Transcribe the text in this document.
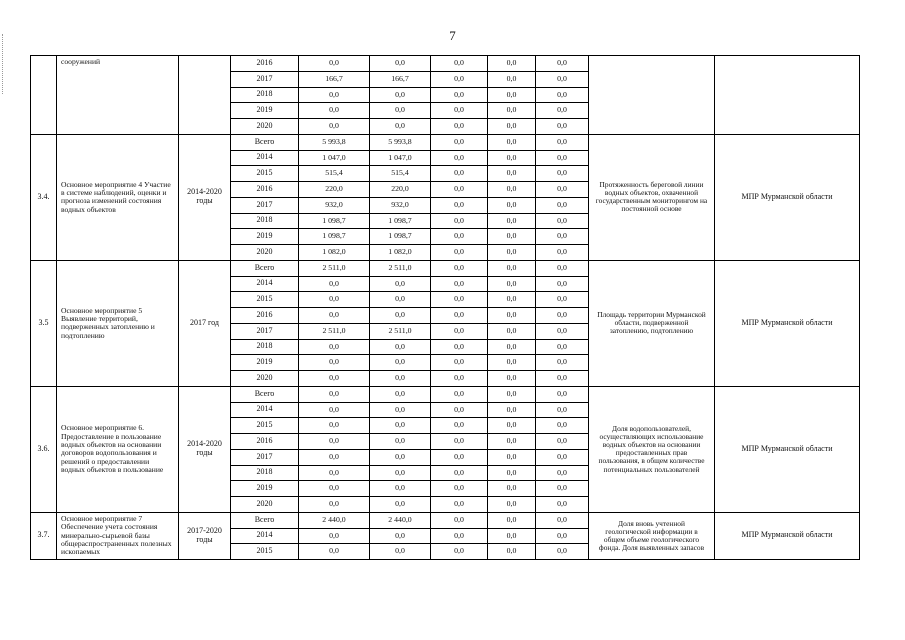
7
	сооружений		2016	0,0	0,0	0,0	0,0	0,0		
			2017	166,7	166,7	0,0	0,0	0,0		
			2018	0,0	0,0	0,0	0,0	0,0		
			2019	0,0	0,0	0,0	0,0	0,0		
			2020	0,0	0,0	0,0	0,0	0,0		
3.4.	Основное мероприятие 4 Участие в системе наблюдений, оценки и прогноза изменений состояния водных объектов	2014-2020 годы	Всего	5 993,8	5 993,8	0,0	0,0	0,0	Протяженность береговой линии водных объектов, охваченной государственным мониторингом на постоянной основе	МПР Мурманской области
			2014	1 047,0	1 047,0	0,0	0,0	0,0		
			2015	515,4	515,4	0,0	0,0	0,0		
			2016	220,0	220,0	0,0	0,0	0,0		
			2017	932,0	932,0	0,0	0,0	0,0		
			2018	1 098,7	1 098,7	0,0	0,0	0,0		
			2019	1 098,7	1 098,7	0,0	0,0	0,0		
			2020	1 082,0	1 082,0	0,0	0,0	0,0		
3.5	Основное мероприятие 5 Выявление территорий, подверженных затоплению и подтоплению	2017 год	Всего	2 511,0	2 511,0	0,0	0,0	0,0	Площадь территории Мурманской области, подверженной затоплению, подтоплению	МПР Мурманской области
			2014	0,0	0,0	0,0	0,0	0,0		
			2015	0,0	0,0	0,0	0,0	0,0		
			2016	0,0	0,0	0,0	0,0	0,0		
			2017	2 511,0	2 511,0	0,0	0,0	0,0		
			2018	0,0	0,0	0,0	0,0	0,0		
			2019	0,0	0,0	0,0	0,0	0,0		
			2020	0,0	0,0	0,0	0,0	0,0		
3.6.	Основное мероприятие 6. Предоставление в пользование водных объектов на основании договоров водопользования и решений о предоставлении водных объектов в пользование	2014-2020 годы	Всего	0,0	0,0	0,0	0,0	0,0	Доля водопользователей, осуществляющих использование водных объектов на основании предоставленных прав пользования, в общем количестве потенциальных пользователей	МПР Мурманской области
			2014	0,0	0,0	0,0	0,0	0,0		
			2015	0,0	0,0	0,0	0,0	0,0		
			2016	0,0	0,0	0,0	0,0	0,0		
			2017	0,0	0,0	0,0	0,0	0,0		
			2018	0,0	0,0	0,0	0,0	0,0		
			2019	0,0	0,0	0,0	0,0	0,0		
			2020	0,0	0,0	0,0	0,0	0,0		
3.7.	Основное мероприятие 7 Обеспечение учета состояния минерально-сырьевой базы общераспространенных полезных ископаемых	2017-2020 годы	Всего	2 440,0	2 440,0	0,0	0,0	0,0	Доля вновь учтенной геологической информации в общем объеме геологического фонда. Доля выявленных запасов	МПР Мурманской области
			2014	0,0	0,0	0,0	0,0	0,0		
			2015	0,0	0,0	0,0	0,0	0,0		
